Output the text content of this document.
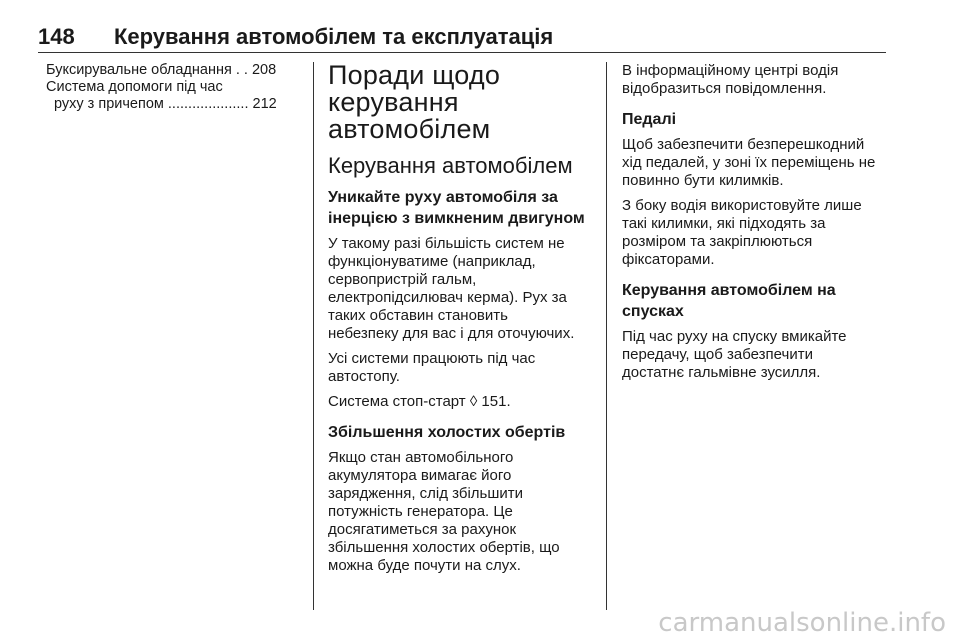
148 Керування автомобілем та експлуатація
Буксирувальне обладнання . . 208
Система допомоги під час
руху з причепом .................... 212
Поради щодо
керування
автомобілем
Керування автомобілем
Уникайте руху автомобіля за
інерцією з вимкненим двигуном
У такому разі більшість систем не
функціонуватиме (наприклад,
сервопристрій гальм,
електропідсилювач керма). Рух за
таких обставин становить
небезпеку для вас і для оточуючих.
Усі системи працюють під час
автостопу.
Система стоп-старт ◊ 151.
Збільшення холостих обертів
Якщо стан автомобільного
акумулятора вимагає його
зарядження, слід збільшити
потужність генератора. Це
досягатиметься за рахунок
збільшення холостих обертів, що
можна буде почути на слух.
В інформаційному центрі водія
відобразиться повідомлення.
Педалі
Щоб забезпечити безперешкодний
хід педалей, у зоні їх переміщень не
повинно бути килимків.
З боку водія використовуйте лише
такі килимки, які підходять за
розміром та закріплюються
фіксаторами.
Керування автомобілем на
спусках
Під час руху на спуску вмикайте
передачу, щоб забезпечити
достатнє гальмівне зусилля.
carmanualsonline.info
